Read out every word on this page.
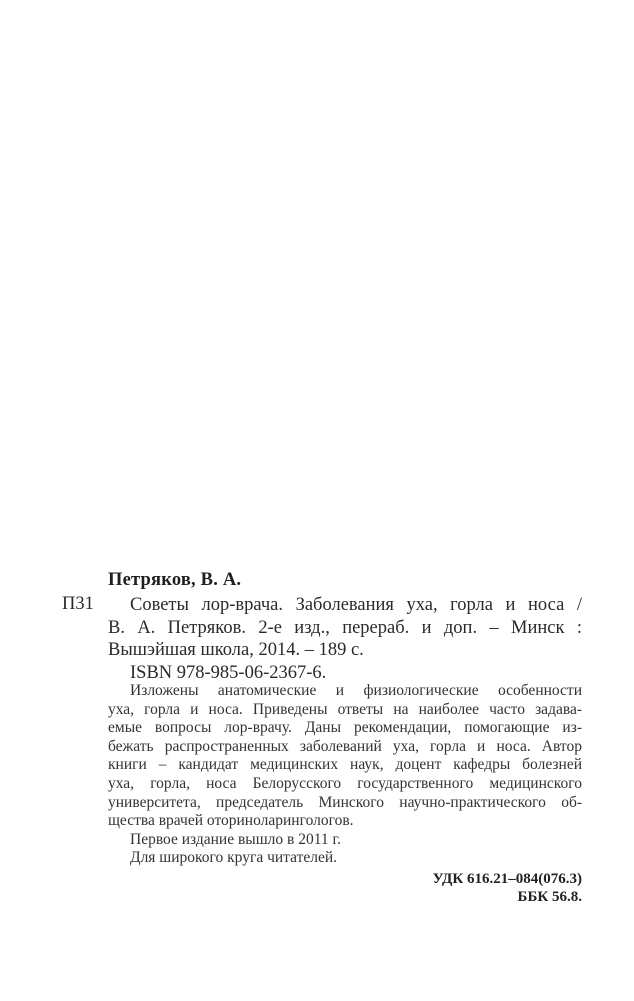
Петряков, В. А.
П31	Советы лор-врача. Заболевания уха, горла и носа /
В. А. Петряков. 2-е изд., перераб. и доп. – Минск :
Вышэйшая школа, 2014. – 189 с.
ISBN 978-985-06-2367-6.
Изложены анатомические и физиологические особенности
уха, горла и носа. Приведены ответы на наиболее часто задава-
емые вопросы лор-врачу. Даны рекомендации, помогающие из-
бежать распространенных заболеваний уха, горла и носа. Автор
книги – кандидат медицинских наук, доцент кафедры болезней
уха, горла, носа Белорусского государственного медицинского
университета, председатель Минского научно-практического об-
щества врачей оториноларингологов.
Первое издание вышло в 2011 г.
Для широкого круга читателей.
УДК 616.21–084(076.3)
ББК 56.8.
